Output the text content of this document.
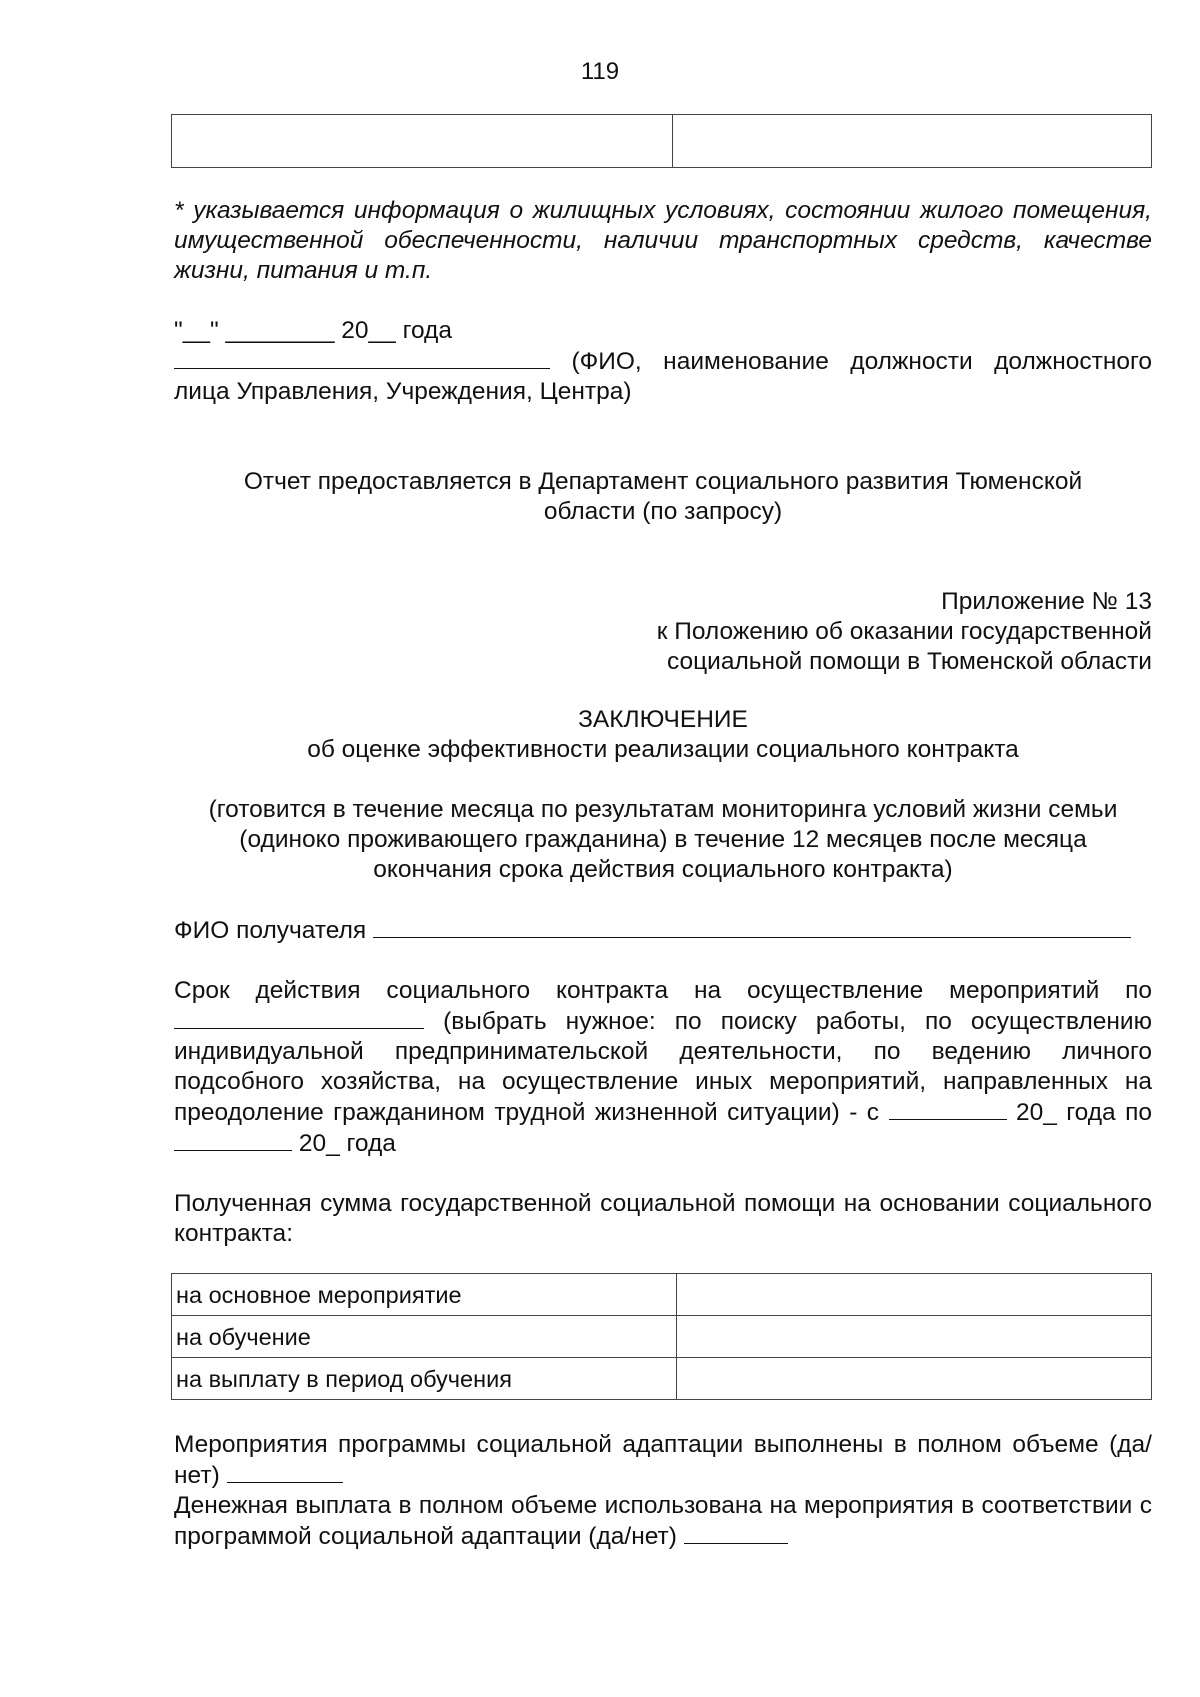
119

* указывается информация о жилищных условиях, состоянии жилого помещения, имущественной обеспеченности, наличии транспортных средств, качестве жизни, питания и т.п.

"__" ________ 20__ года

(ФИО, наименование должности должностного лица Управления, Учреждения, Центра)

Отчет предоставляется в Департамент социального развития Тюменской области (по запросу)

Приложение № 13

к Положению об оказании государственной

социальной помощи в Тюменской области

ЗАКЛЮЧЕНИЕ

об оценке эффективности реализации социального контракта

(готовится в течение месяца по результатам мониторинга условий жизни семьи (одиноко проживающего гражданина) в течение 12 месяцев после месяца окончания срока действия социального контракта)

ФИО получателя

Срок действия социального контракта на осуществление мероприятий по  (выбрать нужное: по поиску работы, по осуществлению индивидуальной предпринимательской деятельности, по ведению личного подсобного хозяйства, на осуществление иных мероприятий, направленных на преодоление гражданином трудной жизненной ситуации) - с	20_ года по  20_ года

Полученная сумма государственной социальной помощи на основании социального контракта:

на основное мероприятие	
на обучение	
на выплату в период обучения	

Мероприятия программы социальной адаптации выполнены в полном объеме (да/нет)

Денежная выплата в полном объеме использована на мероприятия в соответствии с программой социальной адаптации (да/нет)
